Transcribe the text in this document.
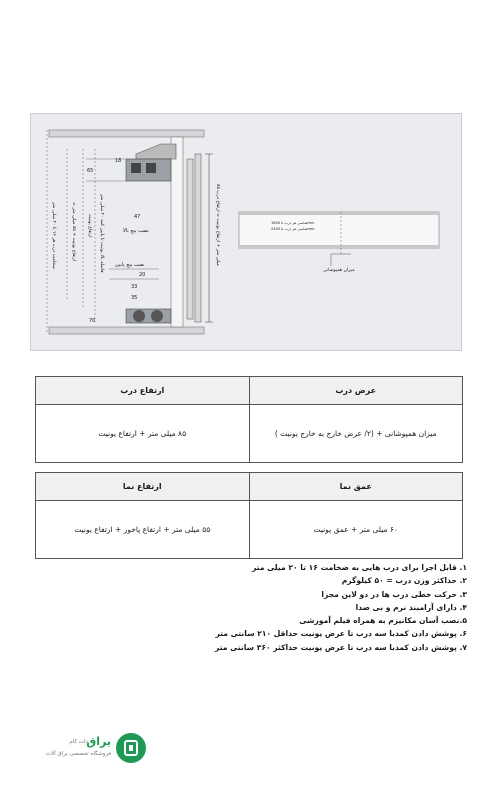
65
18
47
20
33
70
35
ضخامت درب هر ۱۶ تا ۲۰ میلی متر
= ارتفاع بونیت + ۸۵ میلی متر
ارتفاع بونیت
فاصله بالا بونیت تا پایین کمد ۲۰ میلی متر
۸۵ میلی متر + ارتفاع بونیت = ارتفاع درب
نصب پیچ بالا
نصب پیچ پایین
شاسی هر درب تا 1800mm
شاسی هر درب تا 2400mm
میزان همپوشانی
عرض درب	ارتفاع درب
میزان همپوشانی + (۲/ عرض خارج به خارج یونیت )	۸۵ میلی متر + ارتفاع یونیت
عمق نما	ارتفاع نما
۶۰ میلی متر + عمق یونیت	۵۵ میلی متر + ارتفاع پاخور + ارتفاع یونیت
۱. قابل اجرا برای درب هایی به ضخامت ۱۶ تا ۲۰ میلی متر
۲. حداکثر وزن درب = ۵۰ کیلوگرم
۳. حرکت خطی درب ها در دو لاین مجزا
۴. دارای آرامبند نرم و بی صدا
۵.نصب آسان مکانیزم به همراه فیلم آموزشی
۶. پوشش دادن کمدبا سه درب تا عرض یونیت حداقل ۲۱۰ سانتی متر
۷. پوشش دادن کمدبا سه درب تا عرض یونیت حداکثر ۳۶۰ سانتی متر
یراق
دات کام
فروشگاه تخصصی یراق آلات
